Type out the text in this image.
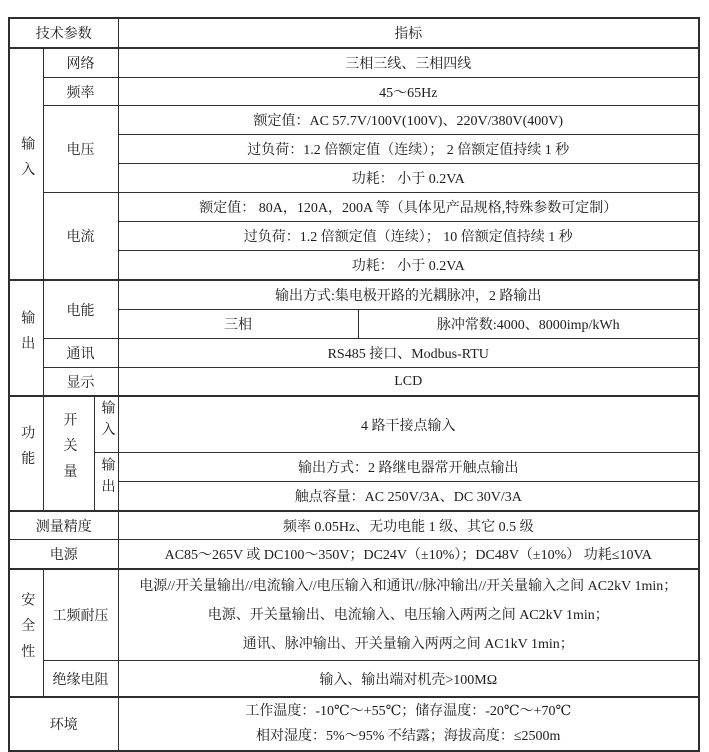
技术参数			指标	
输入	网络		三相三线、三相四线	
	频率		45～65Hz	
	电压		额定值：AC 57.7V/100V(100V)、220V/380V(400V)	
			过负荷：1.2 倍额定值（连续）； 2 倍额定值持续 1 秒	
			功耗： 小于 0.2VA	
	电流		额定值： 80A，120A，200A 等（具体见产品规格,特殊参数可定制）	
			过负荷：1.2 倍额定值（连续）； 10 倍额定值持续 1 秒	
			功耗： 小于 0.2VA	
输出	电能		输出方式:集电极开路的光耦脉冲，2 路输出	
			三相	脉冲常数:4000、8000imp/kWh
	通讯		RS485 接口、Modbus-RTU	
	显示		LCD	
功能	开关量	输入	4 路干接点输入	
		输出	输出方式：2 路继电器常开触点输出	
			触点容量：AC 250V/3A、DC 30V/3A	
测量精度			频率 0.05Hz、无功电能 1 级、其它 0.5 级	
电源			AC85～265V 或 DC100～350V；DC24V（±10%）；DC48V（±10%） 功耗≤10VA	
安全性	工频耐压		电源//开关量输出//电流输入//电压输入和通讯//脉冲输出//开关量输入之间 AC2kV 1min；
电源、开关量输出、电流输入、电压输入两两之间 AC2kV 1min；
通讯、脉冲输出、开关量输入两两之间 AC1kV 1min；	

	绝缘电阻		输入、输出端对机壳>100MΩ	
环境			工作温度：-10℃～+55℃；储存温度：-20℃～+70℃
相对湿度：5%～95% 不结露；海拔高度：≤2500m	
